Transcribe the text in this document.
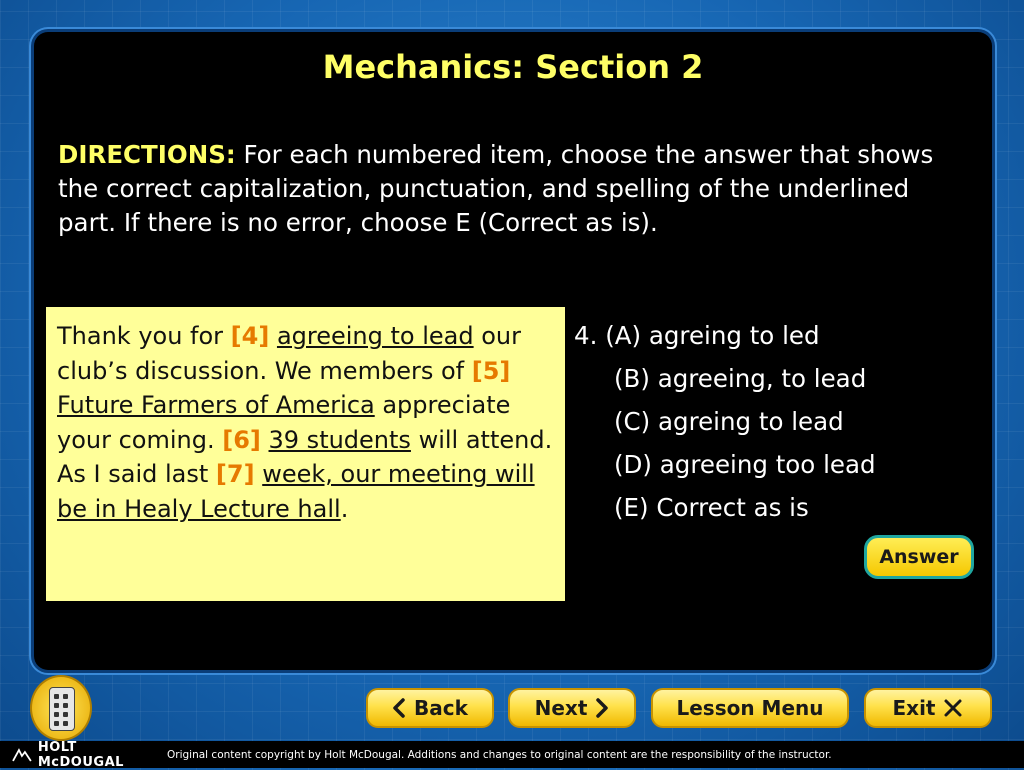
Mechanics: Section 2
DIRECTIONS: For each numbered item, choose the answer that shows the correct capitalization, punctuation, and spelling of the underlined part. If there is no error, choose E (Correct as is).
Thank you for [4] agreeing to lead our club’s discussion. We members of [5] Future Farmers of America appreciate your coming. [6] 39 students will attend. As I said last [7] week, our meeting will be in Healy Lecture hall.
4. (A) agreing to led
(B) agreeing, to lead
(C) agreing to lead
(D) agreeing too lead
(E) Correct as is
Answer
Back	Next	Lesson Menu	Exit
HOLT McDOUGAL	Original content copyright by Holt McDougal. Additions and changes to original content are the responsibility of the instructor.
